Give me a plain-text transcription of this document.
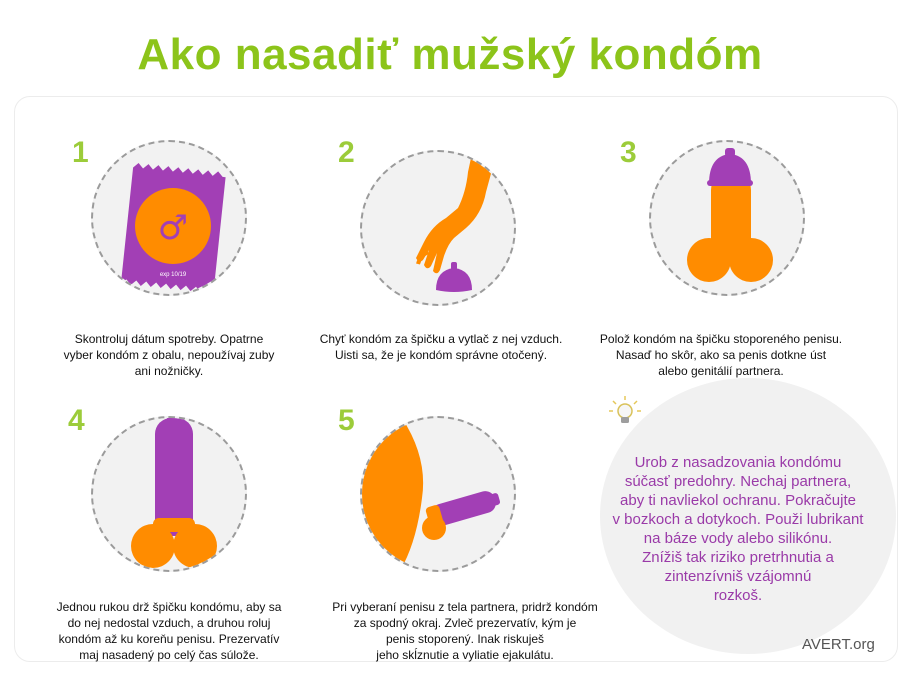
Ako nasadiť mužský kondóm
1
♂
exp 10/19
Skontroluj dátum spotreby. Opatrne
vyber kondóm z obalu, nepoužívaj zuby
ani nožničky.
2
Chyť kondóm za špičku a vytlač z nej vzduch.
Uisti sa, že je kondóm správne otočený.
3
Polož kondóm na špičku stoporeného penisu.
Nasaď ho skôr, ako sa penis dotkne úst
alebo genitálií partnera.
4
Jednou rukou drž špičku kondómu, aby sa
do nej nedostal vzduch, a druhou roluj
kondóm až ku koreňu penisu. Prezervatív
maj nasadený po celý čas súlože.
5
Pri vyberaní penisu z tela partnera, pridrž kondóm
za spodný okraj. Zvleč prezervatív, kým je
penis stoporený. Inak riskuješ
jeho skĺznutie a vyliatie ejakulátu.
Urob z nasadzovania kondómu
súčasť predohry. Nechaj partnera,
aby ti navliekol ochranu. Pokračujte
v bozkoch a dotykoch. Použi lubrikant
na báze vody alebo silikónu.
Znížiš tak riziko pretrhnutia a
zintenzívniš vzájomnú
rozkoš.
AVERT.org
